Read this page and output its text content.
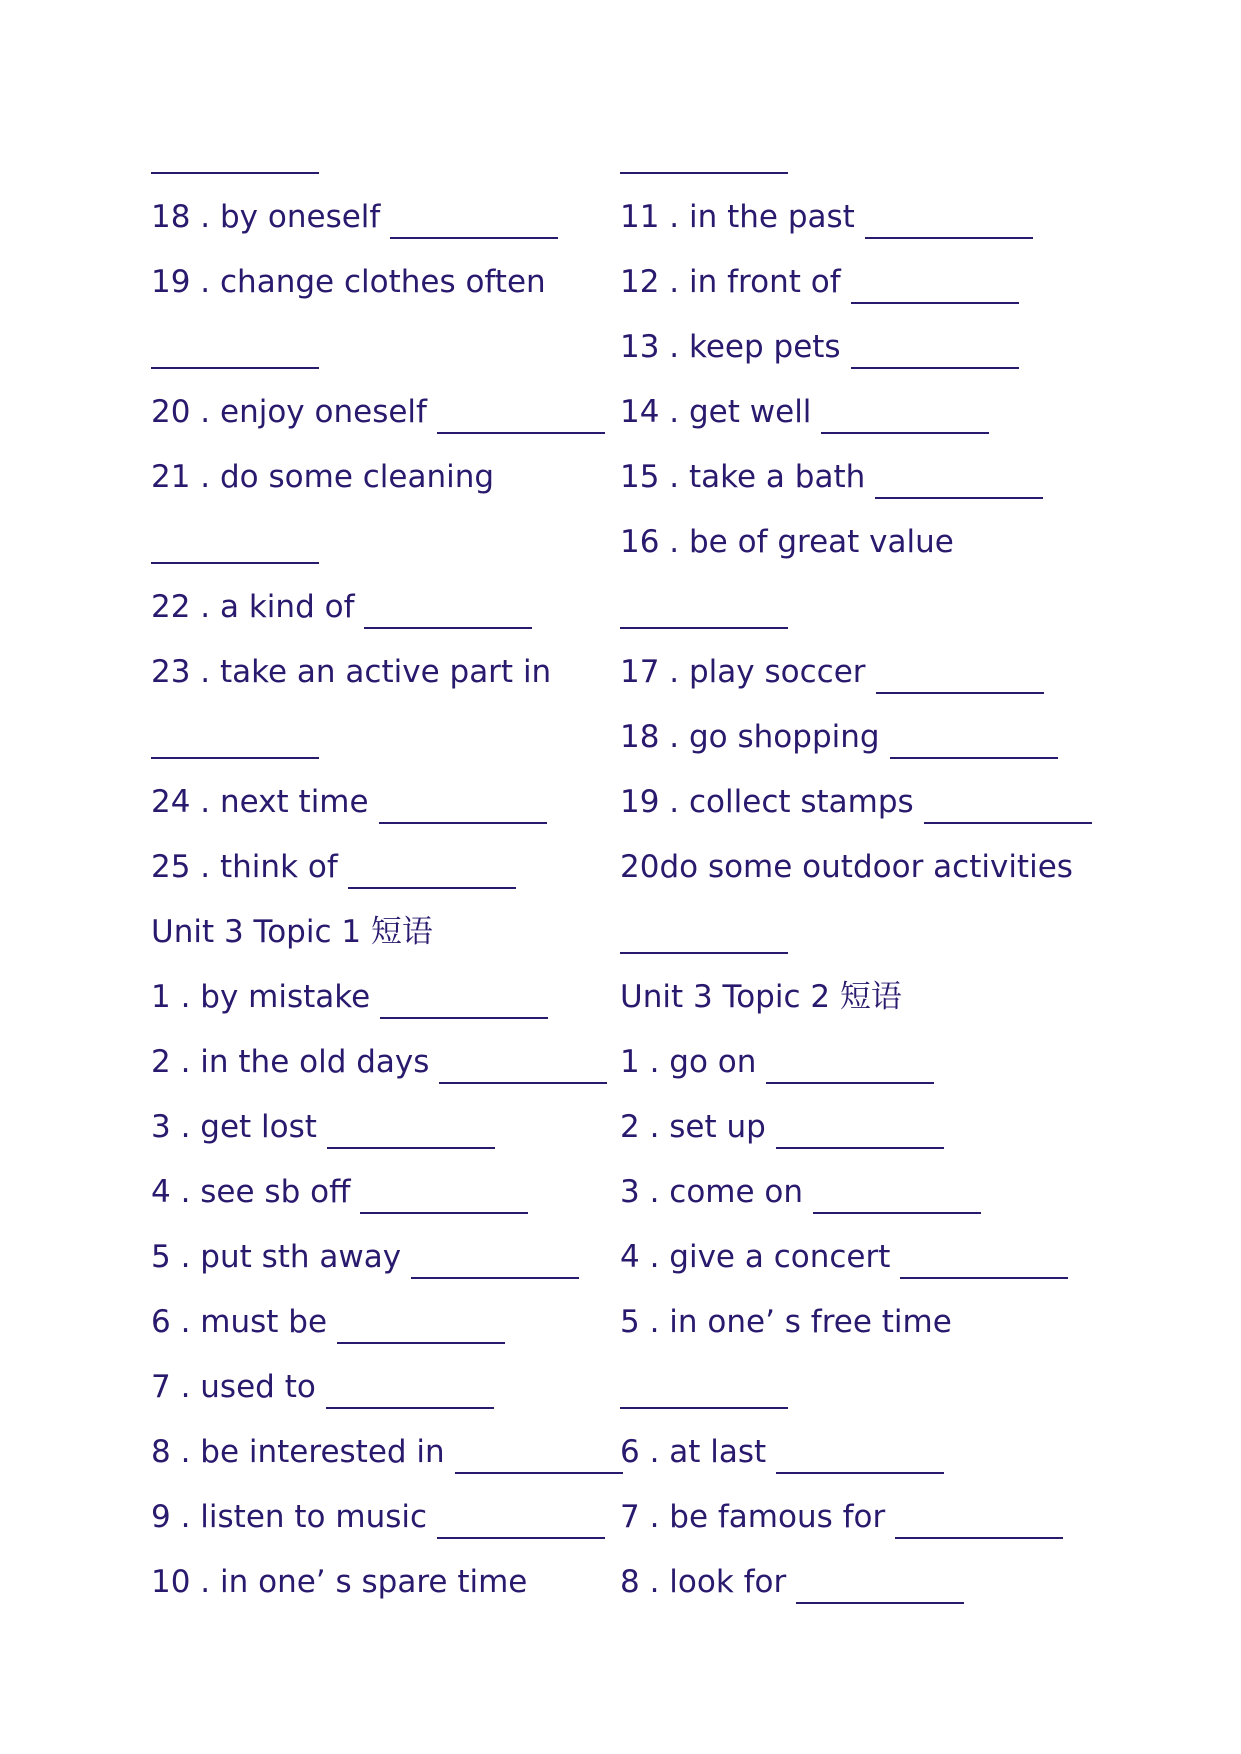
18 . by oneself
19 . change clothes often
20 . enjoy oneself
21 . do some cleaning
22 . a kind of
23 . take an active part in
24 . next time
25 . think of
Unit 3 Topic 1 短语
1 . by mistake
2 . in the old days
3 . get lost
4 . see sb off
5 . put sth away
6 . must be
7 . used to
8 . be interested in
9 . listen to music
10 . in one’ s spare time
11 . in the past
12 . in front of
13 . keep pets
14 . get well
15 . take a bath
16 . be of great value
17 . play soccer
18 . go shopping
19 . collect stamps
20do some outdoor activities
Unit 3 Topic 2 短语
1 . go on
2 . set up
3 . come on
4 . give a concert
5 . in one’ s free time
6 . at last
7 . be famous for
8 . look for
